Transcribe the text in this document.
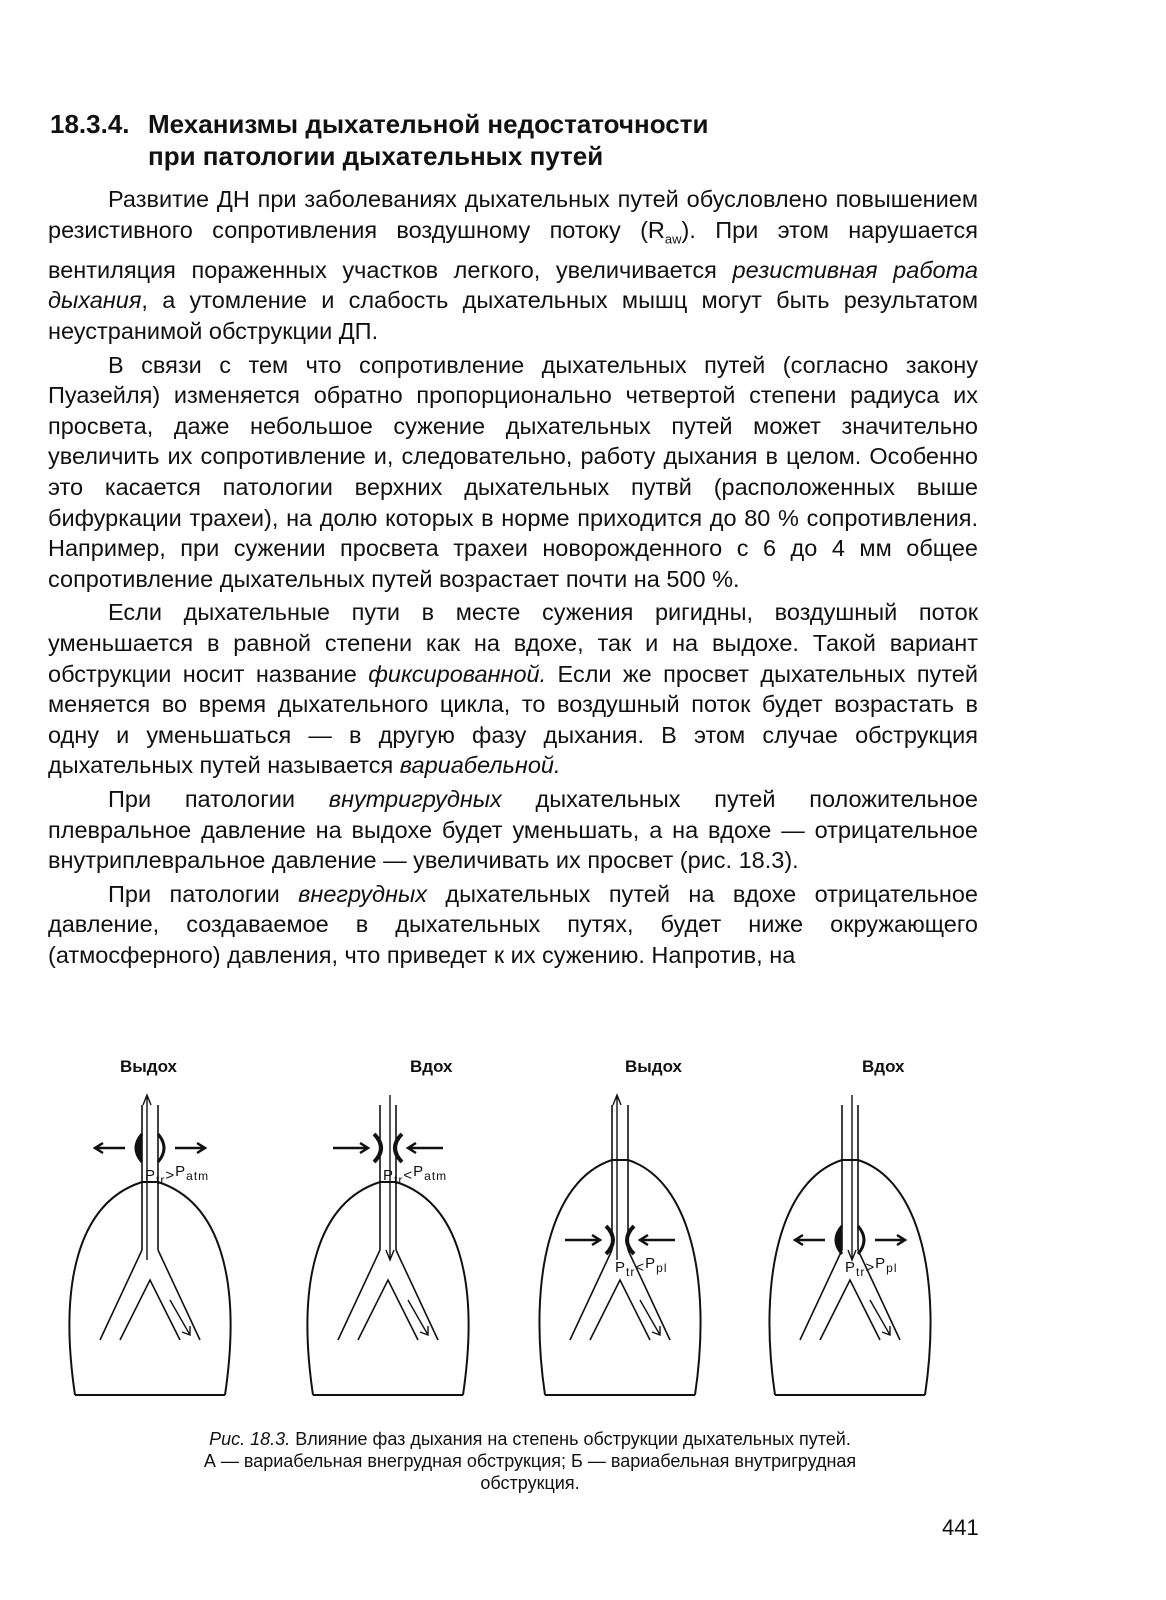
18.3.4. Механизмы дыхательной недостаточности
при патологии дыхательных путей

Развитие ДН при заболеваниях дыхательных путей обусловлено повышением резистивного сопротивления воздушному потоку $(R_{aw})$. При этом нарушается вентиляция пораженных участков легкого, увеличивается резистивная работа дыхания, а утомление и слабость дыхательных мышц могут быть результатом неустранимой обструкции ДП.

В связи с тем что сопротивление дыхательных путей (согласно закону Пуазейля) изменяется обратно пропорционально четвертой степени радиуса их просвета, даже небольшое сужение дыхательных путей может значительно увеличить их сопротивление и, следовательно, работу дыхания в целом. Особенно это касается патологии верхних дыхательных путвй (расположенных выше бифуркации трахеи), на долю которых в норме приходится до 80 % сопротивления. Например, при сужении просвета трахеи новорожденного с 6 до 4 мм общее сопротивление дыхательных путей возрастает почти на 500 %.

Если дыхательные пути в месте сужения ригидны, воздушный поток уменьшается в равной степени как на вдохе, так и на выдохе. Такой вариант обструкции носит название фиксированной. Если же просвет дыхательных путей меняется во время дыхательного цикла, то воздушный поток будет возрастать в одну и уменьшаться — в другую фазу дыхания. В этом случае обструкция дыхательных путей называется вариабельной.

При патологии внутригрудных дыхательных путей положительное плевральное давление на выдохе будет уменьшать, а на вдохе — отрицательное внутриплевральное давление — увеличивать их просвет (рис. 18.3).

При патологии внегрудных дыхательных путей на вдохе отрицательное давление, создаваемое в дыхательных путях, будет ниже окружающего (атмосферного) давления, что приведет к их сужению. Напротив, на

Выдох
$P_{tr}>P_{atm}$
Вдох
$P_{tr}<P_{atm}$
Выдох
$P_{tr}<P_{pl}$
Вдох
$P_{tr}>P_{pl}$
Рис. 18.3. Влияние фаз дыхания на степень обструкции дыхательных путей.
А — вариабельная внегрудная обструкция; Б — вариабельная внутригрудная
обструкция.
441
